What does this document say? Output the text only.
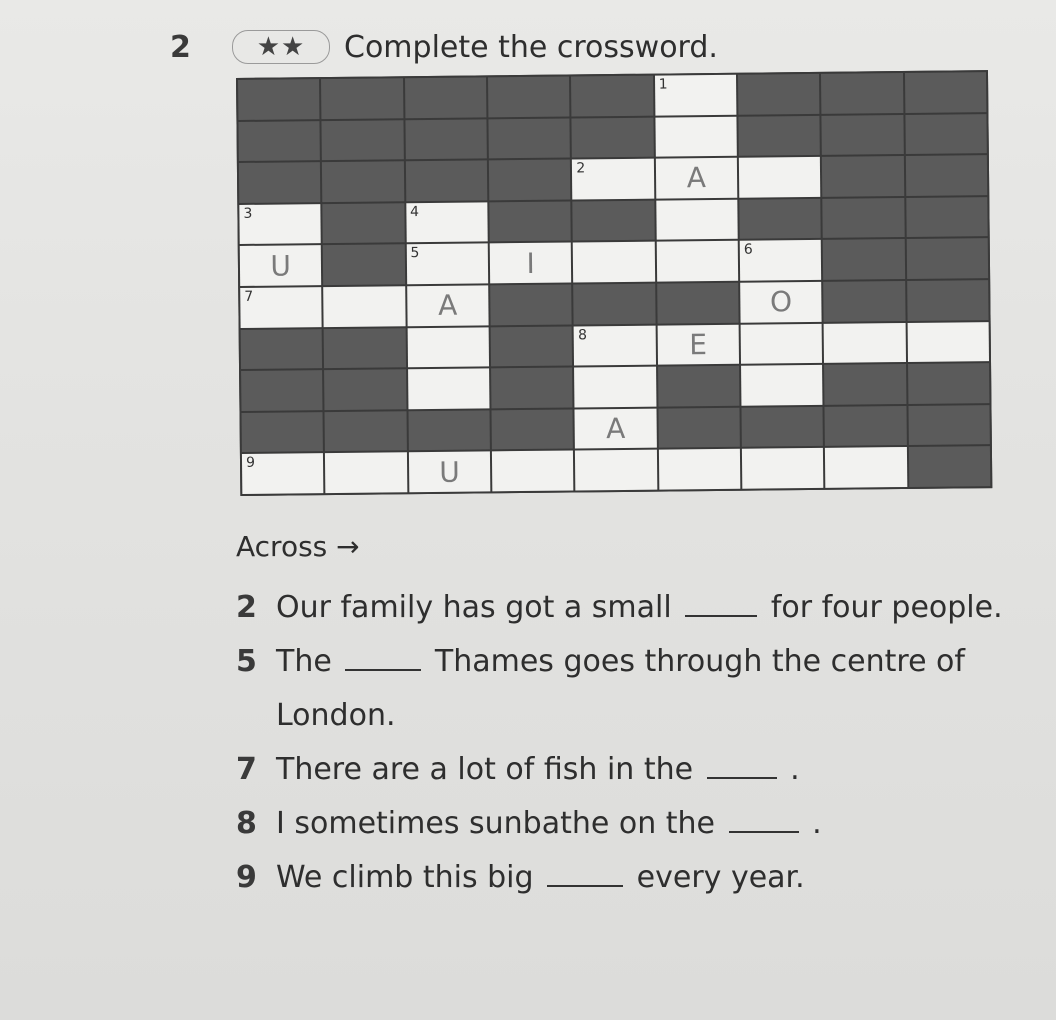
2	★★	Complete the crossword.
1
2	A
3	4
U	5	I	6
7	A	O
8	E
A
9	U
Across →
2 Our family has got a small	for four people.
5 The	Thames goes through the centre of London.
7 There are a lot of fish in the	.
8 I sometimes sunbathe on the	.
9 We climb this big	every year.
